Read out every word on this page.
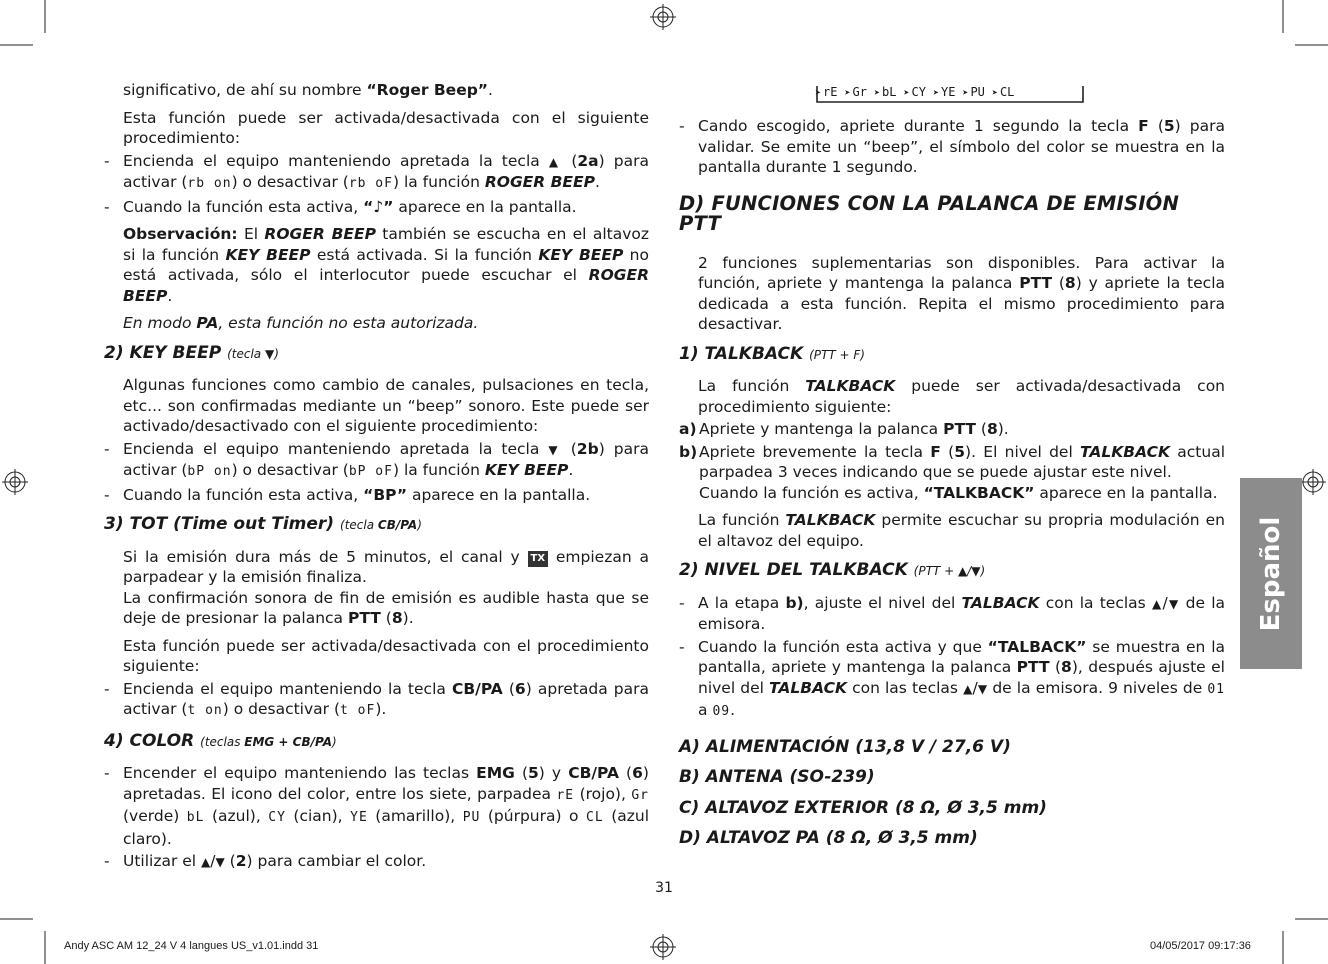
significativo, de ahí su nombre “Roger Beep”.

Esta función puede ser activada/desactivada con el siguiente procedimiento:

- Encienda el equipo manteniendo apretada la tecla ▲ (2a) para activar (rb on) o desactivar (rb oF) la función ROGER BEEP.

- Cuando la función esta activa, “♪” aparece en la pantalla.

Observación: El ROGER BEEP también se escucha en el altavoz si la función KEY BEEP está activada. Si la función KEY BEEP no está activada, sólo el interlocutor puede escuchar el ROGER BEEP.

En modo PA, esta función no esta autorizada.

2) KEY BEEP (tecla ▼)

Algunas funciones como cambio de canales, pulsaciones en tecla, etc... son confirmadas mediante un “beep” sonoro. Este puede ser activado/desactivado con el siguiente procedimiento:

- Encienda el equipo manteniendo apretada la tecla ▼ (2b) para activar (bP on) o desactivar (bP oF) la función KEY BEEP.

- Cuando la función esta activa, “BP” aparece en la pantalla.

3) TOT (Time out Timer) (tecla CB/PA)

Si la emisión dura más de 5 minutos, el canal y TX empiezan a parpadear y la emisión finaliza.
La confirmación sonora de fin de emisión es audible hasta que se deje de presionar la palanca PTT (8).

Esta función puede ser activada/desactivada con el procedimiento siguiente:

- Encienda el equipo manteniendo la tecla CB/PA (6) apretada para activar (t on) o desactivar (t oF).

4) COLOR (teclas EMG + CB/PA)

- Encender el equipo manteniendo las teclas EMG (5) y CB/PA (6) apretadas. El icono del color, entre los siete, parpadea rE (rojo), Gr (verde) bL (azul), CY (cian), YE (amarillo), PU (púrpura) o CL (azul claro).

- Utilizar el ▲/▼ (2) para cambiar el color.

➤ rE ➤ Gr ➤ bL ➤ CY ➤ YE ➤ PU ➤ CL

- Cando escogido, apriete durante 1 segundo la tecla F (5) para validar. Se emite un “beep”, el símbolo del color se muestra en la pantalla durante 1 segundo.

D) FUNCIONES CON LA PALANCA DE EMISIÓN PTT

2 funciones suplementarias son disponibles. Para activar la función, apriete y mantenga la palanca PTT (8) y apriete la tecla dedicada a esta función. Repita el mismo procedimiento para desactivar.

1) TALKBACK (PTT + F)

La función TALKBACK puede ser activada/desactivada con procedimiento siguiente:

a) Apriete y mantenga la palanca PTT (8).

b) Apriete brevemente la tecla F (5). El nivel del TALKBACK actual parpadea 3 veces indicando que se puede ajustar este nivel.
Cuando la función es activa, “TALKBACK” aparece en la pantalla.

La función TALKBACK permite escuchar su propria modulación en el altavoz del equipo.

2) NIVEL DEL TALKBACK (PTT + ▲/▼)

- A la etapa b), ajuste el nivel del TALBACK con la teclas ▲/▼ de la emisora.

- Cuando la función esta activa y que “TALBACK” se muestra en la pantalla, apriete y mantenga la palanca PTT (8), después ajuste el nivel del TALBACK con las teclas ▲/▼ de la emisora. 9 niveles de 01 a 09.

A) ALIMENTACIÓN (13,8 V / 27,6 V)

B) ANTENA (SO-239)

C) ALTAVOZ EXTERIOR (8 Ω, Ø 3,5 mm)

D) ALTAVOZ PA (8 Ω, Ø 3,5 mm)

Español
31
Andy ASC AM 12_24 V 4 langues US_v1.01.indd 31	04/05/2017 09:17:36
